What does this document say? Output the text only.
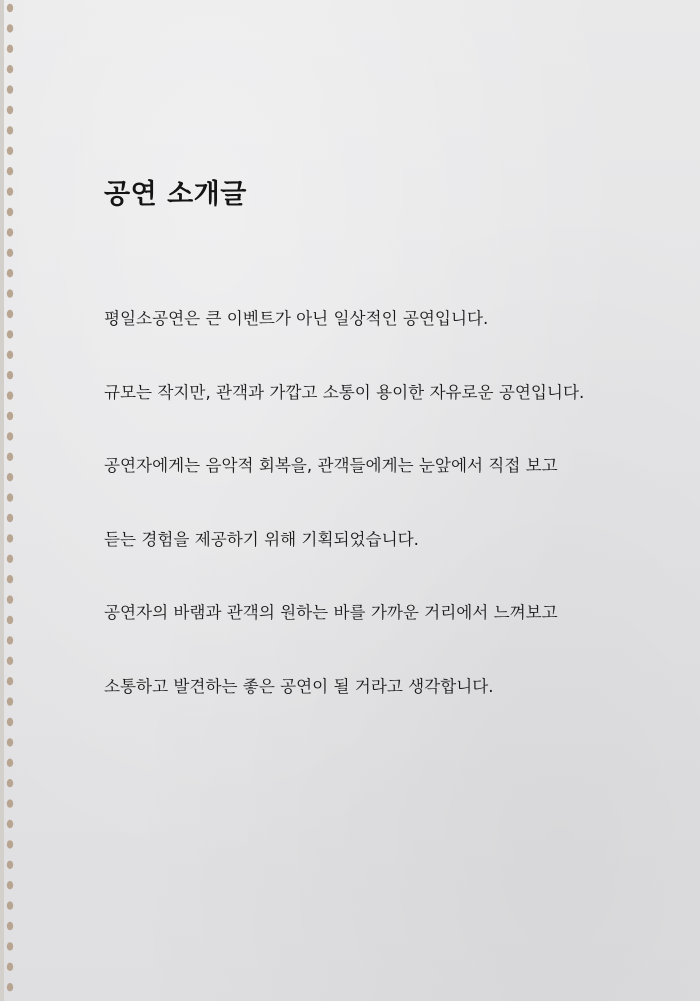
공연 소개글

평일소공연은 큰 이벤트가 아닌 일상적인 공연입니다.

규모는 작지만, 관객과 가깝고 소통이 용이한 자유로운 공연입니다.

공연자에게는 음악적 회복을, 관객들에게는 눈앞에서 직접 보고

듣는 경험을 제공하기 위해 기획되었습니다.

공연자의 바램과 관객의 원하는 바를 가까운 거리에서 느껴보고

소통하고 발견하는 좋은 공연이 될 거라고 생각합니다.
